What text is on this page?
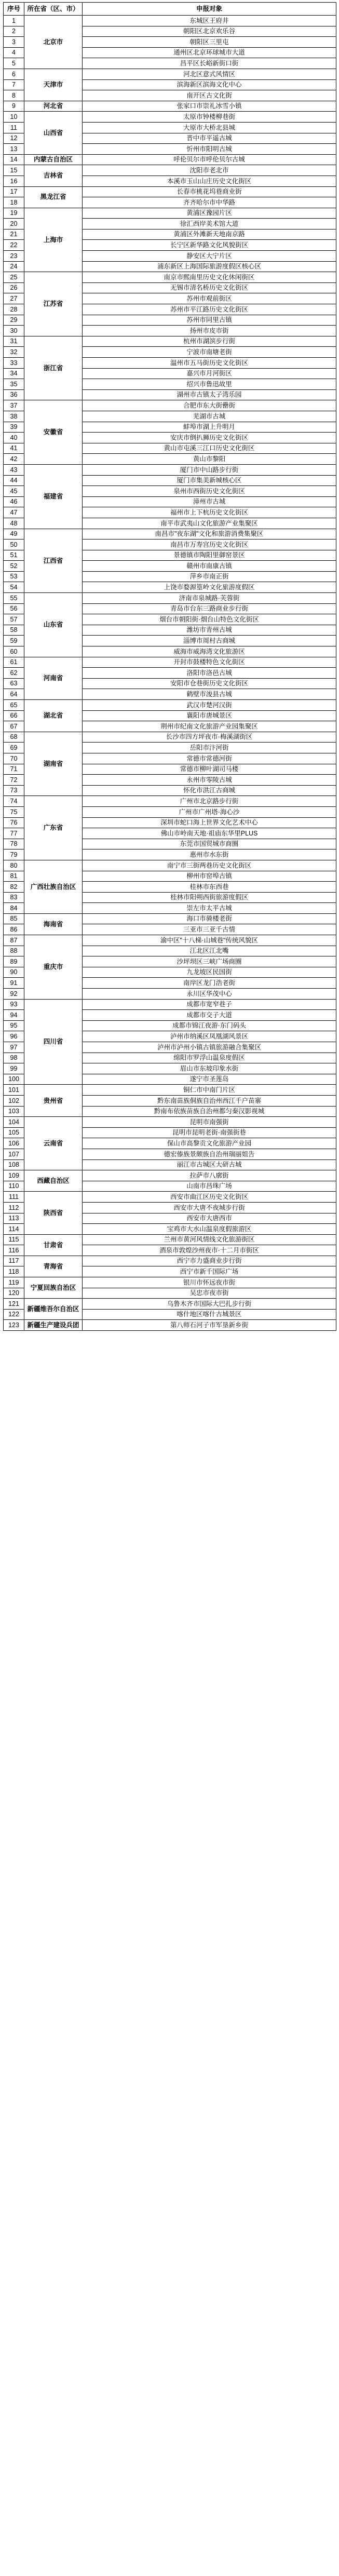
序号	所在省（区、市）	申报对象
1	北京市	东城区王府井
2		朝阳区北京欢乐谷
3		朝阳区三里屯
4		通州区北京环球城市大道
5		昌平区长峪新街口街
6	天津市	河北区意式风情区
7		滨海新区滨海文化中心
8		南开区古文化街
9	河北省	张家口市崇礼冰雪小镇
10	山西省	太原市钟楼柳巷街
11		大原市大桥北县城
12		晋中市平遥古城
13		忻州市阳明古城
14	内蒙古自治区	呼伦贝尔市呼伦贝尔古城
15	吉林省	沈阳市老北市
16		本溪市玉山山庄历史文化街区
17	黑龙江省	长春市桃花坞巷商业街
18		齐齐哈尔市中华路
19	上海市	黄浦区豫园片区
20		徐汇西岸美术馆大道
21		黄浦区外滩新天地南京路
22		长宁区新华路文化风貌街区
23		静安区大宁片区
24		浦东新区上海国际旅游度假区核心区
25	江苏省	南京市熙南里历史文化休闲街区
26		无锡市清名桥历史文化街区
27		苏州市观前街区
28		苏州市平江路历史文化街区
29		苏州市同里古镇
30		扬州市皮市街
31	浙江省	杭州市湖滨步行街
32		宁波市南塘老街
33		温州市五马街历史文化街区
34		嘉兴市月河街区
35		绍兴市鲁迅故里
36		湖州市古镇太子湾乐园
37	安徽省	合肥市东大街罍街
38		芜湖市古城
39		蚌埠市湖上升明月
40		安庆市倒扒狮历史文化街区
41		黄山市屯溪三江口历史文化街区
42		黄山市黎阳
43	福建省	厦门市中山路步行街
44		厦门市集美新城核心区
45		泉州市西街历史文化街区
46		漳州市古城
47		福州市上下杭历史文化街区
48		南平市武夷山文化旅游产业集聚区
49	江西省	南昌市"夜东湖"文化和旅游消费集聚区
50		南昌市万寿宫历史文化街区
51		景德镇市陶阳里御窑景区
52		赣州市南康古镇
53		萍乡市南正街
54		上饶市婺源篁岭文化旅游度假区
55	山东省	济南市泉城路·芙蓉街
56		青岛市台东三路商业步行街
57		烟台市朝阳街·烟台山特色文化街区
58		潍坊市青州古城
59		淄博市周村古商城
60		威海市威海湾文化旅游区
61	河南省	开封市鼓楼特色文化街区
62		洛阳市洛邑古城
63		安阳市仓巷街历史文化街区
64		鹤壁市浚县古城
65	湖北省	武汉市楚河汉街
66		襄阳市唐城景区
67		荆州市纪南文化旅游产业园集聚区
68	湖南省	长沙市四方坪夜市·梅溪湖街区
69		岳阳市汴河街
70		常德市常德河街
71		常德市柳叶湖司马楼
72		永州市零陵古城
73		怀化市洪江古商城
74	广东省	广州市北京路步行街
75		广州市广州塔·海心沙
76		深圳市蛇口海上世界文化艺术中心
77		佛山市岭南天地·祖庙东华里PLUS
78		东莞市国贸城市商圈
79		惠州市水东街
80	广西壮族自治区	南宁市三街两巷历史文化街区
81		柳州市窑埠古镇
82		桂林市东西巷
83		桂林市阳朔西街旅游度假区
84		崇左市太平古城
85	海南省	海口市骑楼老街
86		三亚市三亚千古情
87	重庆市	渝中区"十八梯·山城巷"传统风貌区
88		江北区江北嘴
89		沙坪坝区三峡广场商圈
90		九龙坡区民国街
91		南岸区龙门浩老街
92		永川区华茂中心
93	四川省	成都市宽窄巷子
94		成都市交子大道
95		成都市锦江夜游·东门码头
96		泸州市纳溪区凤凰湖风景区
97		泸州市泸州小镇古镇旅游融合集聚区
98		绵阳市罗浮山温泉度假区
99		眉山市东坡印象水街
100		遂宁市圣莲岛
101	贵州省	铜仁市中南门片区
102		黔东南苗族侗族自治州西江千户苗寨
103		黔南布依族苗族自治州都匀秦汉影视城
104	云南省	昆明市南强街
105		昆明市昆明老街·南强街巷
106		保山市高黎贡文化旅游产业园
107		德宏傣族景颇族自治州瑞丽姐告
108		丽江市古城区大研古城
109	西藏自治区	拉萨市八廓街
110		山南市昌珠广场
111	陕西省	西安市曲江区历史文化街区
112		西安市大唐不夜城步行街
113		西安市大唐西市
114		宝鸡市大水山温泉度假旅游区
115	甘肃省	兰州市黄河风情线文化旅游街区
116		酒泉市敦煌沙州夜市·十二月市街区
117	青海省	西宁市力盛商业步行街
118		西宁市新千国际广场
119	宁夏回族自治区	银川市怀远夜市街
120		吴忠市夜市街
121	新疆维吾尔自治区	乌鲁木齐市国际大巴扎步行街
122		喀什地区喀什古城景区
123	新疆生产建设兵团	第八师石河子市军垦新乡街
